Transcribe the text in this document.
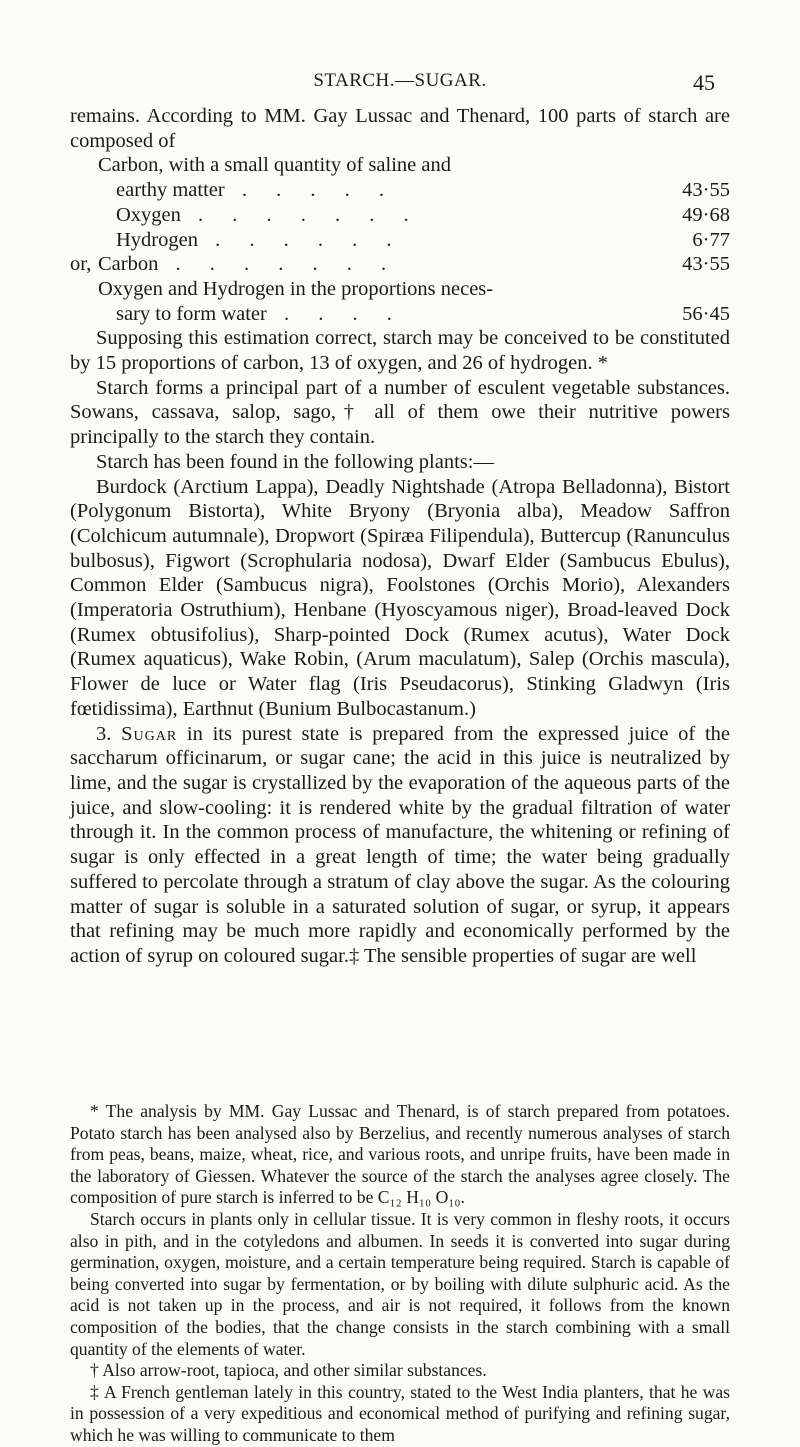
STARCH.—SUGAR.	45

remains. According to MM. Gay Lussac and Thenard, 100 parts of starch are composed of

Carbon, with a small quantity of saline and
earthy matter . . . . .	43·55
Oxygen . . . . . . .	49·68
Hydrogen . . . . . .	6·77
or, Carbon . . . . . . .	43·55
Oxygen and Hydrogen in the proportions neces-
sary to form water . . . .	56·45

Supposing this estimation correct, starch may be conceived to be constituted by 15 proportions of carbon, 13 of oxygen, and 26 of hydrogen. *

Starch forms a principal part of a number of esculent vegetable substances. Sowans, cassava, salop, sago,† all of them owe their nutritive powers principally to the starch they contain.

Starch has been found in the following plants:—

Burdock (Arctium Lappa), Deadly Nightshade (Atropa Belladonna), Bistort (Polygonum Bistorta), White Bryony (Bryonia alba), Meadow Saffron (Colchicum autumnale), Dropwort (Spiræa Filipendula), Buttercup (Ranunculus bulbosus), Figwort (Scrophularia nodosa), Dwarf Elder (Sambucus Ebulus), Common Elder (Sambucus nigra), Foolstones (Orchis Morio), Alexanders (Imperatoria Ostruthium), Henbane (Hyoscyamous niger), Broad-leaved Dock (Rumex obtusifolius), Sharp-pointed Dock (Rumex acutus), Water Dock (Rumex aquaticus), Wake Robin, (Arum maculatum), Salep (Orchis mascula), Flower de luce or Water flag (Iris Pseudacorus), Stinking Gladwyn (Iris fœtidissima), Earthnut (Bunium Bulbocastanum.)

3. Sugar in its purest state is prepared from the expressed juice of the saccharum officinarum, or sugar cane; the acid in this juice is neutralized by lime, and the sugar is crystallized by the evaporation of the aqueous parts of the juice, and slow-cooling: it is rendered white by the gradual filtration of water through it. In the common process of manufacture, the whitening or refining of sugar is only effected in a great length of time; the water being gradually suffered to percolate through a stratum of clay above the sugar. As the colouring matter of sugar is soluble in a saturated solution of sugar, or syrup, it appears that refining may be much more rapidly and economically performed by the action of syrup on coloured sugar.‡ The sensible properties of sugar are well

* The analysis by MM. Gay Lussac and Thenard, is of starch prepared from potatoes. Potato starch has been analysed also by Berzelius, and recently numerous analyses of starch from peas, beans, maize, wheat, rice, and various roots, and unripe fruits, have been made in the laboratory of Giessen. Whatever the source of the starch the analyses agree closely. The composition of pure starch is inferred to be C₁₂ H₁₀ O₁₀.

Starch occurs in plants only in cellular tissue. It is very common in fleshy roots, it occurs also in pith, and in the cotyledons and albumen. In seeds it is converted into sugar during germination, oxygen, moisture, and a certain temperature being required. Starch is capable of being converted into sugar by fermentation, or by boiling with dilute sulphuric acid. As the acid is not taken up in the process, and air is not required, it follows from the known composition of the bodies, that the change consists in the starch combining with a small quantity of the elements of water.

† Also arrow-root, tapioca, and other similar substances.

‡ A French gentleman lately in this country, stated to the West India planters, that he was in possession of a very expeditious and economical method of purifying and refining sugar, which he was willing to communicate to them
